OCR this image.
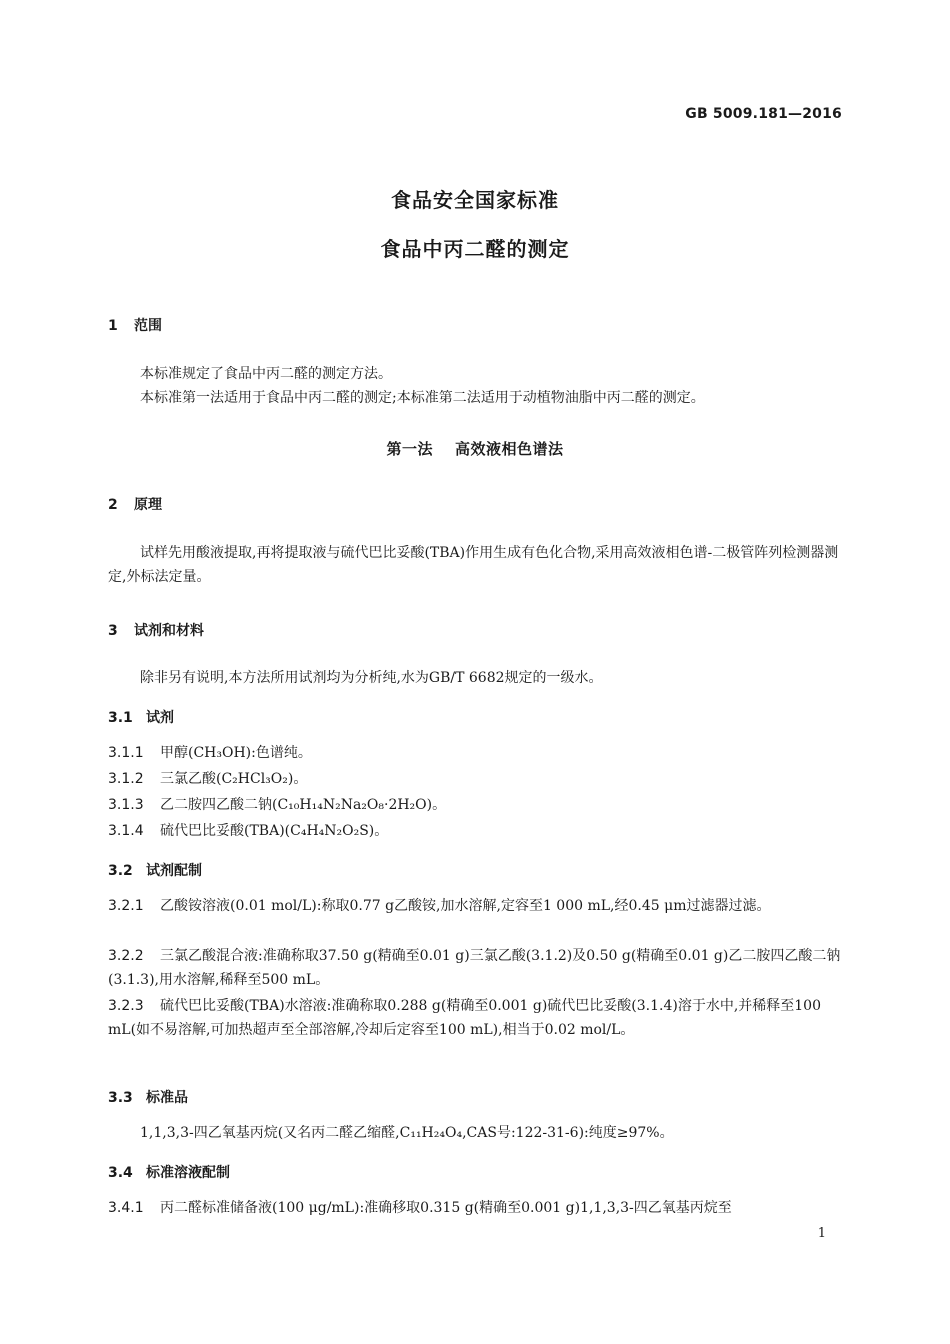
GB 5009.181—2016
食品安全国家标准
食品中丙二醛的测定
1 范围
本标准规定了食品中丙二醛的测定方法。
本标准第一法适用于食品中丙二醛的测定;本标准第二法适用于动植物油脂中丙二醛的测定。
第一法 高效液相色谱法
2 原理
试样先用酸液提取,再将提取液与硫代巴比妥酸(TBA)作用生成有色化合物,采用高效液相色谱-二极管阵列检测器测定,外标法定量。
3 试剂和材料
除非另有说明,本方法所用试剂均为分析纯,水为GB/T 6682规定的一级水。
3.1 试剂
3.1.1 甲醇(CH₃OH):色谱纯。
3.1.2 三氯乙酸(C₂HCl₃O₂)。
3.1.3 乙二胺四乙酸二钠(C₁₀H₁₄N₂Na₂O₈·2H₂O)。
3.1.4 硫代巴比妥酸(TBA)(C₄H₄N₂O₂S)。
3.2 试剂配制
3.2.1 乙酸铵溶液(0.01 mol/L):称取0.77 g乙酸铵,加水溶解,定容至1 000 mL,经0.45 μm过滤器过滤。
3.2.2 三氯乙酸混合液:准确称取37.50 g(精确至0.01 g)三氯乙酸(3.1.2)及0.50 g(精确至0.01 g)乙二胺四乙酸二钠(3.1.3),用水溶解,稀释至500 mL。
3.2.3 硫代巴比妥酸(TBA)水溶液:准确称取0.288 g(精确至0.001 g)硫代巴比妥酸(3.1.4)溶于水中,并稀释至100 mL(如不易溶解,可加热超声至全部溶解,冷却后定容至100 mL),相当于0.02 mol/L。
3.3 标准品
1,1,3,3-四乙氧基丙烷(又名丙二醛乙缩醛,C₁₁H₂₄O₄,CAS号:122-31-6):纯度≥97%。
3.4 标准溶液配制
3.4.1 丙二醛标准储备液(100 μg/mL):准确移取0.315 g(精确至0.001 g)1,1,3,3-四乙氧基丙烷至
1
